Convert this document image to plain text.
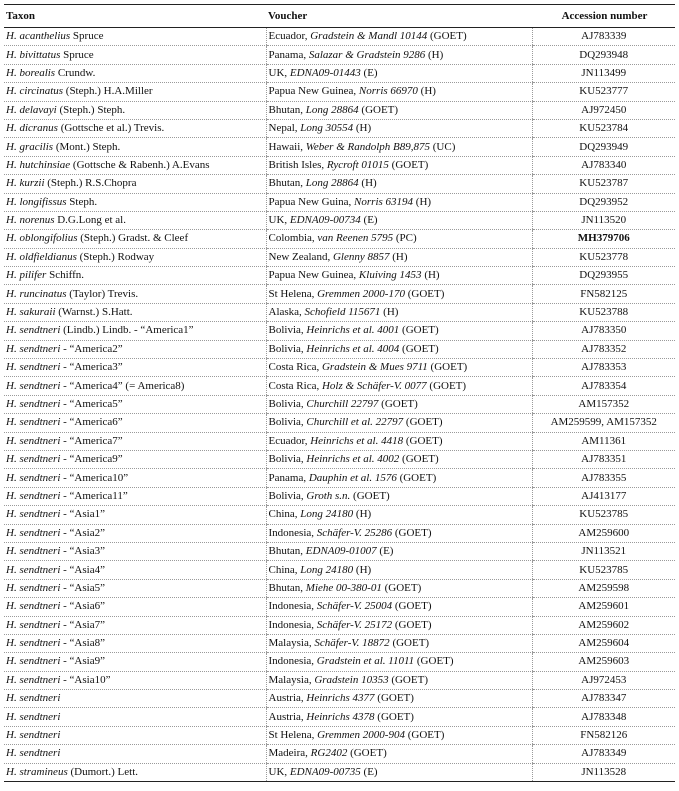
Taxon	Voucher	Accession number
H. acanthelius Spruce	Ecuador, Gradstein & Mandl 10144 (GOET)	AJ783339
H. bivittatus Spruce	Panama, Salazar & Gradstein 9286 (H)	DQ293948
H. borealis Crundw.	UK, EDNA09-01443 (E)	JN113499
H. circinatus (Steph.) H.A.Miller	Papua New Guinea, Norris 66970 (H)	KU523777
H. delavayi (Steph.) Steph.	Bhutan, Long 28864 (GOET)	AJ972450
H. dicranus (Gottsche et al.) Trevis.	Nepal, Long 30554 (H)	KU523784
H. gracilis (Mont.) Steph.	Hawaii, Weber & Randolph B89,875 (UC)	DQ293949
H. hutchinsiae (Gottsche & Rabenh.) A.Evans	British Isles, Rycroft 01015 (GOET)	AJ783340
H. kurzii (Steph.) R.S.Chopra	Bhutan, Long 28864 (H)	KU523787
H. longifissus Steph.	Papua New Guina, Norris 63194 (H)	DQ293952
H. norenus D.G.Long et al.	UK, EDNA09-00734 (E)	JN113520
H. oblongifolius (Steph.) Gradst. & Cleef	Colombia, van Reenen 5795 (PC)	MH379706
H. oldfieldianus (Steph.) Rodway	New Zealand, Glenny 8857 (H)	KU523778
H. pilifer Schiffn.	Papua New Guinea, Kluiving 1453 (H)	DQ293955
H. runcinatus (Taylor) Trevis.	St Helena, Gremmen 2000-170 (GOET)	FN582125
H. sakuraii (Warnst.) S.Hatt.	Alaska, Schofield 115671 (H)	KU523788
H. sendtneri (Lindb.) Lindb. - “America1”	Bolivia, Heinrichs et al. 4001 (GOET)	AJ783350
H. sendtneri - “America2”	Bolivia, Heinrichs et al. 4004 (GOET)	AJ783352
H. sendtneri - “America3”	Costa Rica, Gradstein & Mues 9711 (GOET)	AJ783353
H. sendtneri - “America4” (= America8)	Costa Rica, Holz & Schäfer-V. 0077 (GOET)	AJ783354
H. sendtneri - “America5”	Bolivia, Churchill 22797 (GOET)	AM157352
H. sendtneri - “America6”	Bolivia, Churchill et al. 22797 (GOET)	AM259599, AM157352
H. sendtneri - “America7”	Ecuador, Heinrichs et al. 4418 (GOET)	AM11361
H. sendtneri - “America9”	Bolivia, Heinrichs et al. 4002 (GOET)	AJ783351
H. sendtneri - “America10”	Panama, Dauphin et al. 1576 (GOET)	AJ783355
H. sendtneri - “America11”	Bolivia, Groth s.n. (GOET)	AJ413177
H. sendtneri - “Asia1”	China, Long 24180 (H)	KU523785
H. sendtneri - “Asia2”	Indonesia, Schäfer-V. 25286 (GOET)	AM259600
H. sendtneri - “Asia3”	Bhutan, EDNA09-01007 (E)	JN113521
H. sendtneri - “Asia4”	China, Long 24180 (H)	KU523785
H. sendtneri - “Asia5”	Bhutan, Miehe 00-380-01 (GOET)	AM259598
H. sendtneri - “Asia6”	Indonesia, Schäfer-V. 25004 (GOET)	AM259601
H. sendtneri - “Asia7”	Indonesia, Schäfer-V. 25172 (GOET)	AM259602
H. sendtneri - “Asia8”	Malaysia, Schäfer-V. 18872 (GOET)	AM259604
H. sendtneri - “Asia9”	Indonesia, Gradstein et al. 11011 (GOET)	AM259603
H. sendtneri - “Asia10”	Malaysia, Gradstein 10353 (GOET)	AJ972453
H. sendtneri	Austria, Heinrichs 4377 (GOET)	AJ783347
H. sendtneri	Austria, Heinrichs 4378 (GOET)	AJ783348
H. sendtneri	St Helena, Gremmen 2000-904 (GOET)	FN582126
H. sendtneri	Madeira, RG2402 (GOET)	AJ783349
H. stramineus (Dumort.) Lett.	UK, EDNA09-00735 (E)	JN113528
